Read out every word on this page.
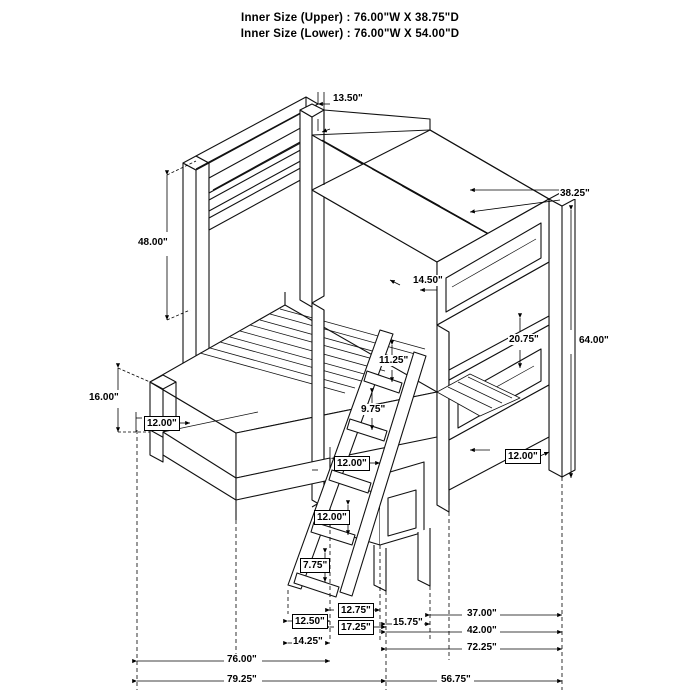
Inner Size (Upper) : 76.00"W X 38.75"D
Inner Size (Lower) : 76.00"W X 54.00"D
13.50"
38.25"
48.00"
14.50"
64.00"
20.75"
11.25"
9.75"
16.00"
12.00"
12.00"
12.00"
12.00"
7.75"
12.50"
12.75"
17.25"	15.75"
37.00"
42.00"
14.25"
72.25"
76.00"
79.25"	56.75"
